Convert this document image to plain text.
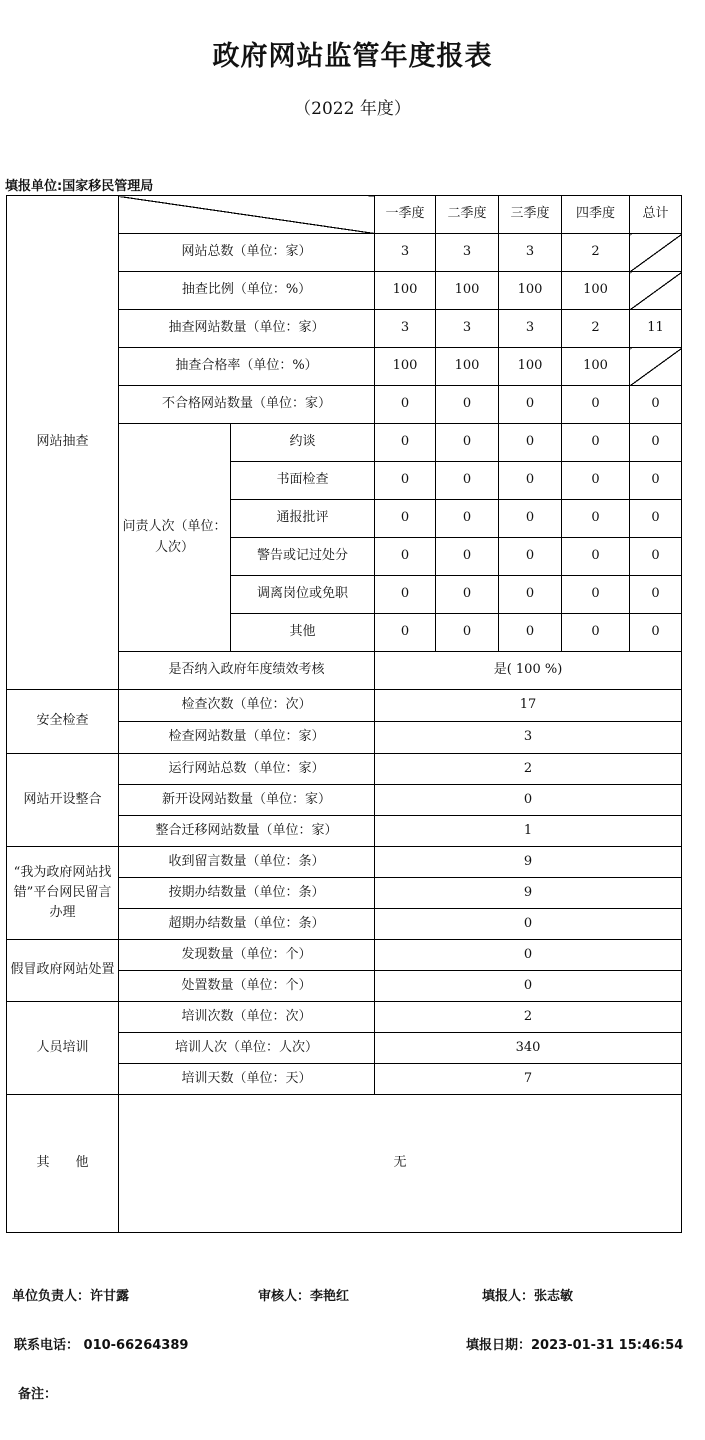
政府网站监管年度报表
（2022 年度）
填报单位:国家移民管理局
网站抽查			一季度	二季度	三季度	四季度	总计
	网站总数（单位：家）		3	3	3	2	
	抽查比例（单位：%）		100	100	100	100	
	抽查网站数量（单位：家）		3	3	3	2	11
	抽查合格率（单位：%）		100	100	100	100	
	不合格网站数量（单位：家）		0	0	0	0	0
	问责人次（单位：人次）	约谈	0	0	0	0	0
		书面检查	0	0	0	0	0
		通报批评	0	0	0	0	0
		警告或记过处分	0	0	0	0	0
		调离岗位或免职	0	0	0	0	0
		其他	0	0	0	0	0
	是否纳入政府年度绩效考核		是( 100 %)				
安全检查	检查次数（单位：次）		17				
	检查网站数量（单位：家）		3				
网站开设整合	运行网站总数（单位：家）		2				
	新开设网站数量（单位：家）		0				
	整合迁移网站数量（单位：家）		1				
“我为政府网站找错”平台网民留言办理	收到留言数量（单位：条）		9				
	按期办结数量（单位：条）		9				
	超期办结数量（单位：条）		0				
假冒政府网站处置	发现数量（单位：个）		0				
	处置数量（单位：个）		0				
人员培训	培训次数（单位：次）		2				
	培训人次（单位：人次）		340				
	培训天数（单位：天）		7				
其　　他	无						
单位负责人：许甘露	审核人：李艳红	填报人：张志敏
联系电话： 010-66264389	填报日期：2023-01-31 15:46:54
备注：
